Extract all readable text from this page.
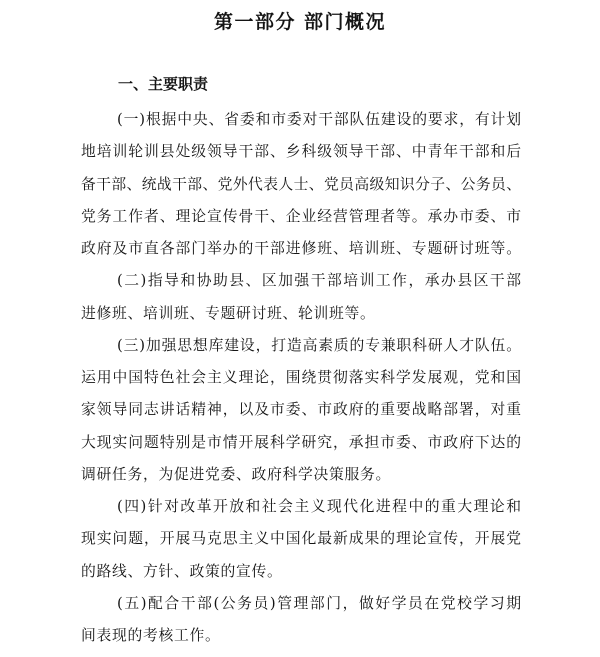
第一部分 部门概况
一、主要职责
(一)根据中央、省委和市委对干部队伍建设的要求，有计划
地培训轮训县处级领导干部、乡科级领导干部、中青年干部和后
备干部、统战干部、党外代表人士、党员高级知识分子、公务员、
党务工作者、理论宣传骨干、企业经营管理者等。承办市委、市
政府及市直各部门举办的干部进修班、培训班、专题研讨班等。
(二)指导和协助县、区加强干部培训工作，承办县区干部
进修班、培训班、专题研讨班、轮训班等。
(三)加强思想库建设，打造高素质的专兼职科研人才队伍。
运用中国特色社会主义理论，围绕贯彻落实科学发展观，党和国
家领导同志讲话精神，以及市委、市政府的重要战略部署，对重
大现实问题特别是市情开展科学研究，承担市委、市政府下达的
调研任务，为促进党委、政府科学决策服务。
(四)针对改革开放和社会主义现代化进程中的重大理论和
现实问题，开展马克思主义中国化最新成果的理论宣传，开展党
的路线、方针、政策的宣传。
(五)配合干部(公务员)管理部门，做好学员在党校学习期
间表现的考核工作。
